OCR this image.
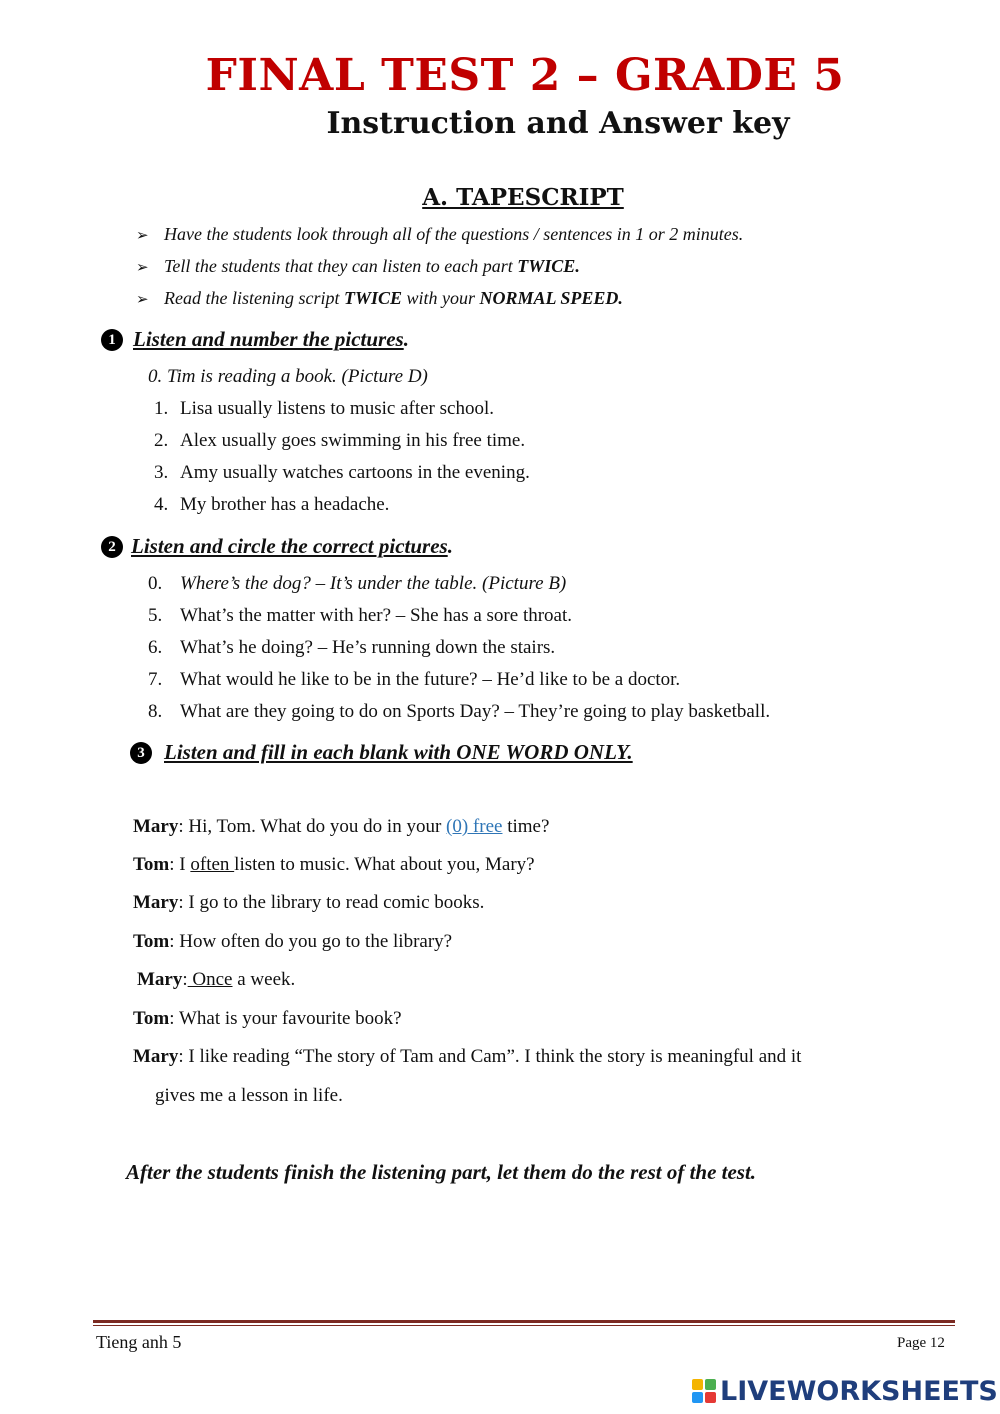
FINAL TEST 2 – GRADE 5
Instruction and Answer key
A. TAPESCRIPT
➢ Have the students look through all of the questions / sentences in 1 or 2 minutes.
➢ Tell the students that they can listen to each part TWICE.
➢ Read the listening script TWICE with your NORMAL SPEED.
1 Listen and number the pictures.
0. Tim is reading a book. (Picture D)
1. Lisa usually listens to music after school.
2. Alex usually goes swimming in his free time.
3. Amy usually watches cartoons in the evening.
4. My brother has a headache.
2 Listen and circle the correct pictures.
0. Where’s the dog? – It’s under the table. (Picture B)
5. What’s the matter with her? – She has a sore throat.
6. What’s he doing? – He’s running down the stairs.
7. What would he like to be in the future? – He’d like to be a doctor.
8. What are they going to do on Sports Day? – They’re going to play basketball.
3 Listen and fill in each blank with ONE WORD ONLY.
Mary: Hi, Tom. What do you do in your (0) free time?
Tom: I often listen to music. What about you, Mary?
Mary: I go to the library to read comic books.
Tom: How often do you go to the library?
Mary: Once a week.
Tom: What is your favourite book?
Mary: I like reading “The story of Tam and Cam”. I think the story is meaningful and it
gives me a lesson in life.
After the students finish the listening part, let them do the rest of the test.
Tieng anh 5	Page 12
LIVEWORKSHEETS
